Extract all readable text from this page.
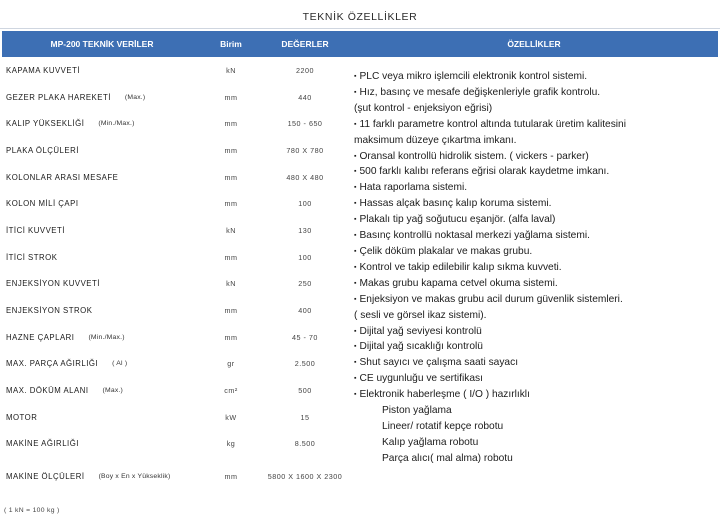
TEKNİK ÖZELLİKLER
MP-200 TEKNİK VERİLER	Birim	DEĞERLER	ÖZELLİKLER
KAPAMA KUVVETİ	kN	2200
GEZER PLAKA HAREKETİ (Max.)	mm	440
KALIP YÜKSEKLİĞİ (Min./Max.)	mm	150 - 650
PLAKA ÖLÇÜLERİ	mm	780 X 780
KOLONLAR ARASI MESAFE	mm	480 X 480
KOLON MİLİ ÇAPI	mm	100
İTİCİ KUVVETİ	kN	130
İTİCİ STROK	mm	100
ENJEKSİYON KUVVETİ	kN	250
ENJEKSİYON STROK	mm	400
HAZNE ÇAPLARI (Min./Max.)	mm	45 - 70
MAX. PARÇA AĞIRLIĞI ( Al )	gr	2.500
MAX. DÖKÜM ALANI (Max.)	cm²	500
MOTOR	kW	15
MAKİNE AĞIRLIĞI	kg	8.500
MAKİNE ÖLÇÜLERİ (Boy x En x Yükseklik)	mm	5800 X 1600 X 2300
▪ PLC veya mikro işlemcili elektronik kontrol sistemi.
▪ Hız, basınç ve mesafe değişkenleriyle grafik kontrolu.
(şut kontrol - enjeksiyon eğrisi)
▪ 11 farklı parametre kontrol altında tutularak üretim kalitesini
maksimum düzeye çıkartma imkanı.
▪ Oransal kontrollü hidrolik sistem. ( vickers - parker)
▪ 500 farklı kalıbı referans eğrisi olarak kaydetme imkanı.
▪ Hata raporlama sistemi.
▪ Hassas alçak basınç kalıp koruma sistemi.
▪ Plakalı tip yağ soğutucu eşanjör. (alfa laval)
▪ Basınç kontrollü noktasal merkezi yağlama sistemi.
▪ Çelik döküm plakalar ve makas grubu.
▪ Kontrol ve takip edilebilir kalıp sıkma kuvveti.
▪ Makas grubu kapama cetvel okuma sistemi.
▪ Enjeksiyon ve makas grubu acil durum güvenlik sistemleri.
( sesli ve görsel ikaz sistemi).
▪ Dijital yağ seviyesi kontrolü
▪ Dijital yağ sıcaklığı kontrolü
▪ Shut sayıcı ve çalışma saati sayacı
▪ CE uygunluğu ve sertifikası
▪ Elektronik haberleşme ( I/O ) hazırlıklı
Piston yağlama
Lineer/ rotatif kepçe robotu
Kalıp yağlama robotu
Parça alıcı( mal alma) robotu
( 1 kN = 100 kg )
